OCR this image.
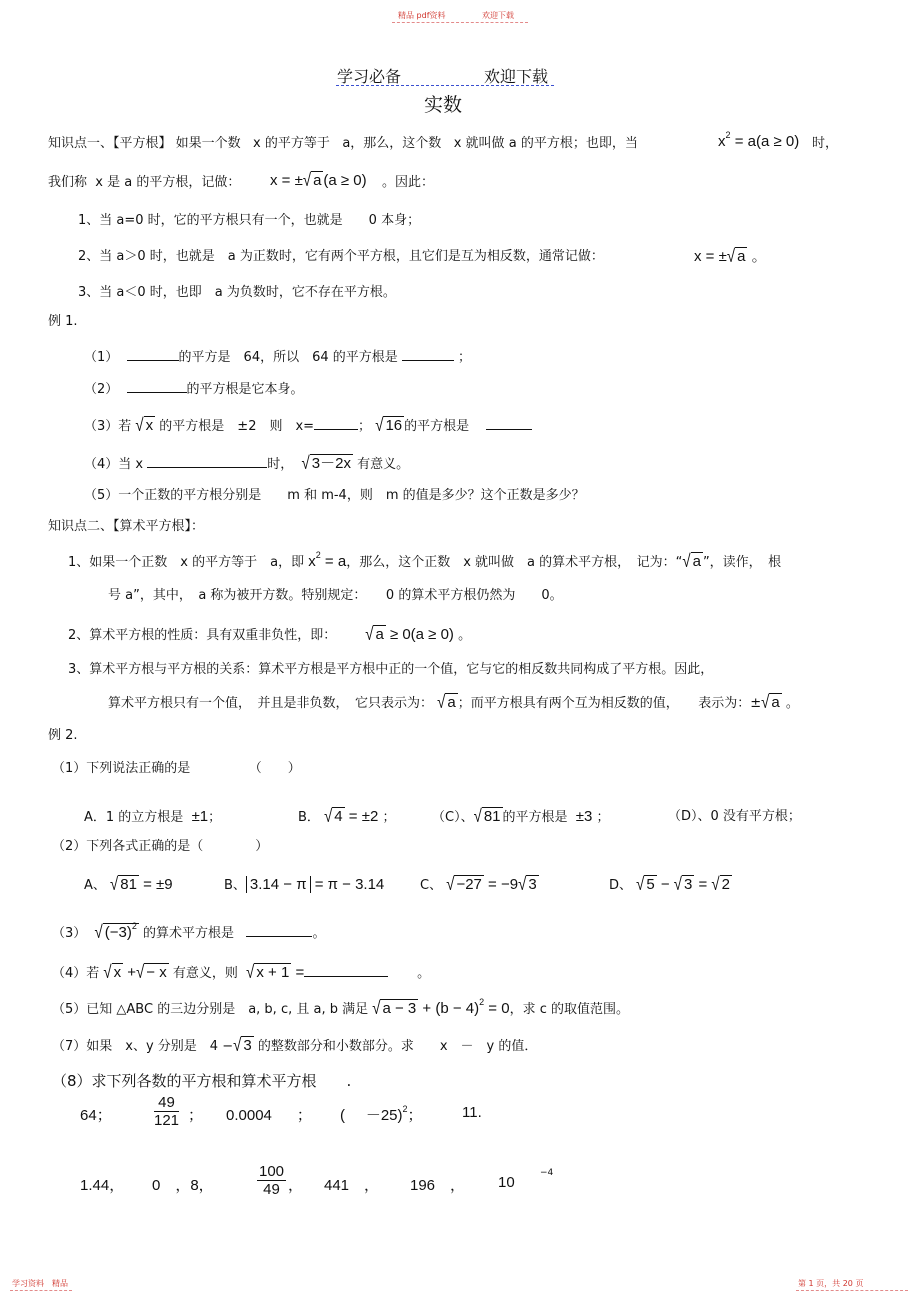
精品 pdf资料	欢迎下载
学习必备	欢迎下载
实数
知识点一、【平方根】 如果一个数 x 的平方等于 a，那么，这个数 x 就叫做 a 的平方根；也即，当	$x^2 = a(a \ge 0)$ 时，
我们称 x 是 a 的平方根，记做： x = ±√ a (a ≥ 0) 。因此：
1、当 a=0 时，它的平方根只有一个，也就是　　0 本身；
2、当 a＞0 时，也就是　a 为正数时，它有两个平方根，且它们是互为相反数，通常记做：	x = ±√ a 。
3、当 a＜0 时，也即　a 为负数时，它不存在平方根。
例 1.
（1）	的平方是　64，所以　64 的平方根是	；
（2）	的平方根是它本身。
（3）若 √ x 的平方根是　±2　则　x=	； √ 16 的平方根是
（4）当 x	时， √ 3－2x 有意义。
（5）一个正数的平方根分别是　　m 和 m-4，则　m 的值是多少？这个正数是多少？
知识点二、【算术平方根】：
1、如果一个正数　x 的平方等于　a，即 $x^2 = a$，那么，这个正数　x 就叫做　a 的算术平方根，　记为：“√ a ”，读作，　根
号 a”，其中，　a 称为被开方数。特别规定：　　0 的算术平方根仍然为　　0。
2、算术平方根的性质：具有双重非负性，即： √ a ≥ 0(a ≥ 0) 。
3、算术平方根与平方根的关系：算术平方根是平方根中正的一个值，它与它的相反数共同构成了平方根。因此，
算术平方根只有一个值，　并且是非负数，　它只表示为： √ a ；而平方根具有两个互为相反数的值，　　表示为：±√ a 。
例 2.
（1）下列说法正确的是　　　　　（　　）
A．1 的立方根是 ±1；	B． √ 4 = ±2 ；	（C）、√ 81 的平方根是 ±3 ；	（D）、0 没有平方根；
（2）下列各式正确的是（　　　　）
A、 √ 81 = ±9	B、 3.14 − π = π − 3.14	C、 √ −27 = −9√ 3	D、 √ 5 − √ 3 = √ 2
（3） √ $(-3)^2$ 的算术平方根是	。
（4）若 √ x +√ − x 有意义，则 √ x + 1 =	。
（5）已知 △ABC 的三边分别是　a, b, c, 且 a, b 满足 √ $a - 3 + (b - 4)^2 = 0$，求 c 的取值范围。
（7）如果　x、y 分别是　4 −√ 3 的整数部分和小数部分。求　　x　－　y 的值．
（8）求下列各数的平方根和算术平方根　　.
64；	$\frac{49}{121}$ ； 0.0004 ； ( －25)$^2$；	11.
1.44， 0　，8，	$\frac{100}{49}$ ， 441　， 196　， 10
−4
学习资料 精品	第 1 页，共 20 页
